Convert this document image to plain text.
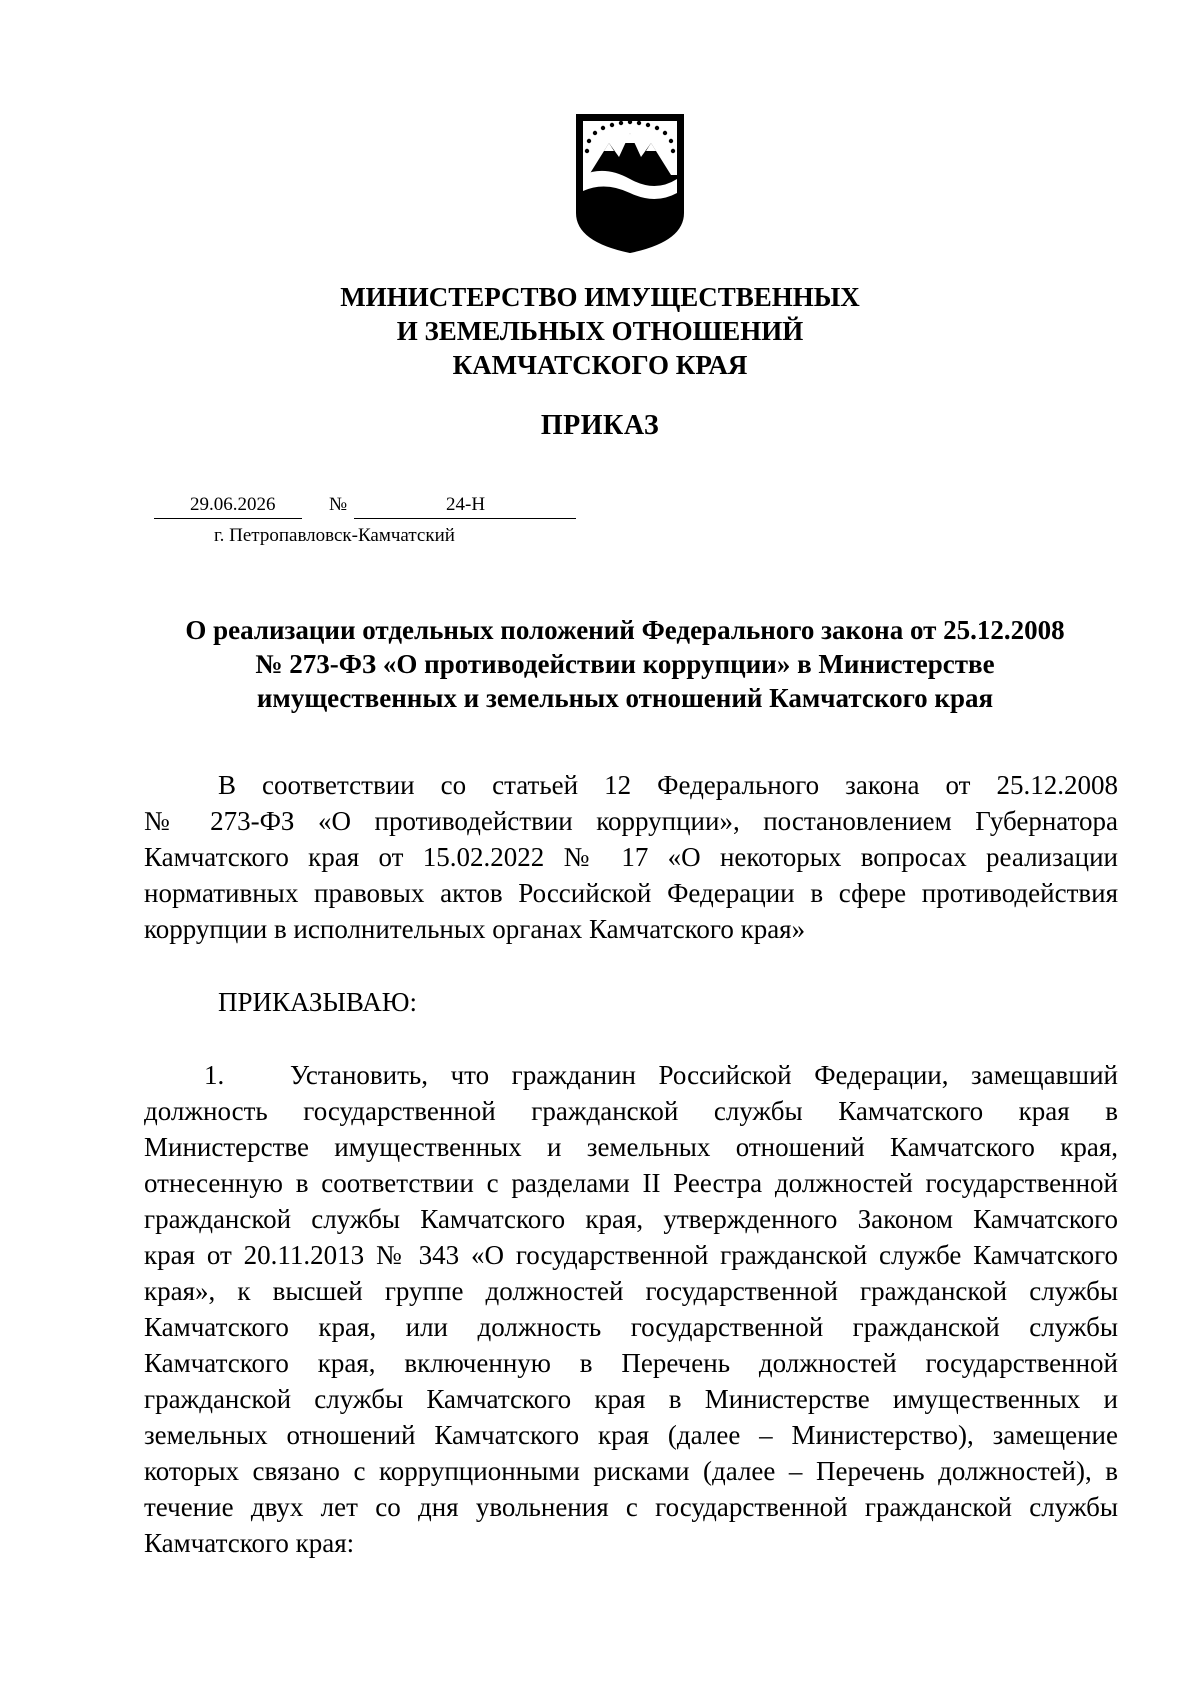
МИНИСТЕРСТВО ИМУЩЕСТВЕННЫХ
И ЗЕМЕЛЬНЫХ ОТНОШЕНИЙ
КАМЧАТСКОГО КРАЯ
ПРИКАЗ
29.06.2026	№	24-Н
г. Петропавловск-Камчатский
О реализации отдельных положений Федерального закона от 25.12.2008
№ 273-ФЗ «О противодействии коррупции» в Министерстве
имущественных и земельных отношений Камчатского края
В соответствии со статьей 12 Федерального закона от 25.12.2008
№ 273-ФЗ «О противодействии коррупции», постановлением Губернатора
Камчатского края от 15.02.2022 № 17 «О некоторых вопросах реализации
нормативных правовых актов Российской Федерации в сфере противодействия
коррупции в исполнительных органах Камчатского края»
ПРИКАЗЫВАЮ:
1.	Установить, что гражданин Российской Федерации, замещавший
должность государственной гражданской службы Камчатского края в
Министерстве имущественных и земельных отношений Камчатского края,
отнесенную в соответствии с разделами II Реестра должностей государственной
гражданской службы Камчатского края, утвержденного Законом Камчатского
края от 20.11.2013 № 343 «О государственной гражданской службе Камчатского
края», к высшей группе должностей государственной гражданской службы
Камчатского края, или должность государственной гражданской службы
Камчатского края, включенную в Перечень должностей государственной
гражданской службы Камчатского края в Министерстве имущественных и
земельных отношений Камчатского края (далее – Министерство), замещение
которых связано с коррупционными рисками (далее – Перечень должностей), в
течение двух лет со дня увольнения с государственной гражданской службы
Камчатского края:
